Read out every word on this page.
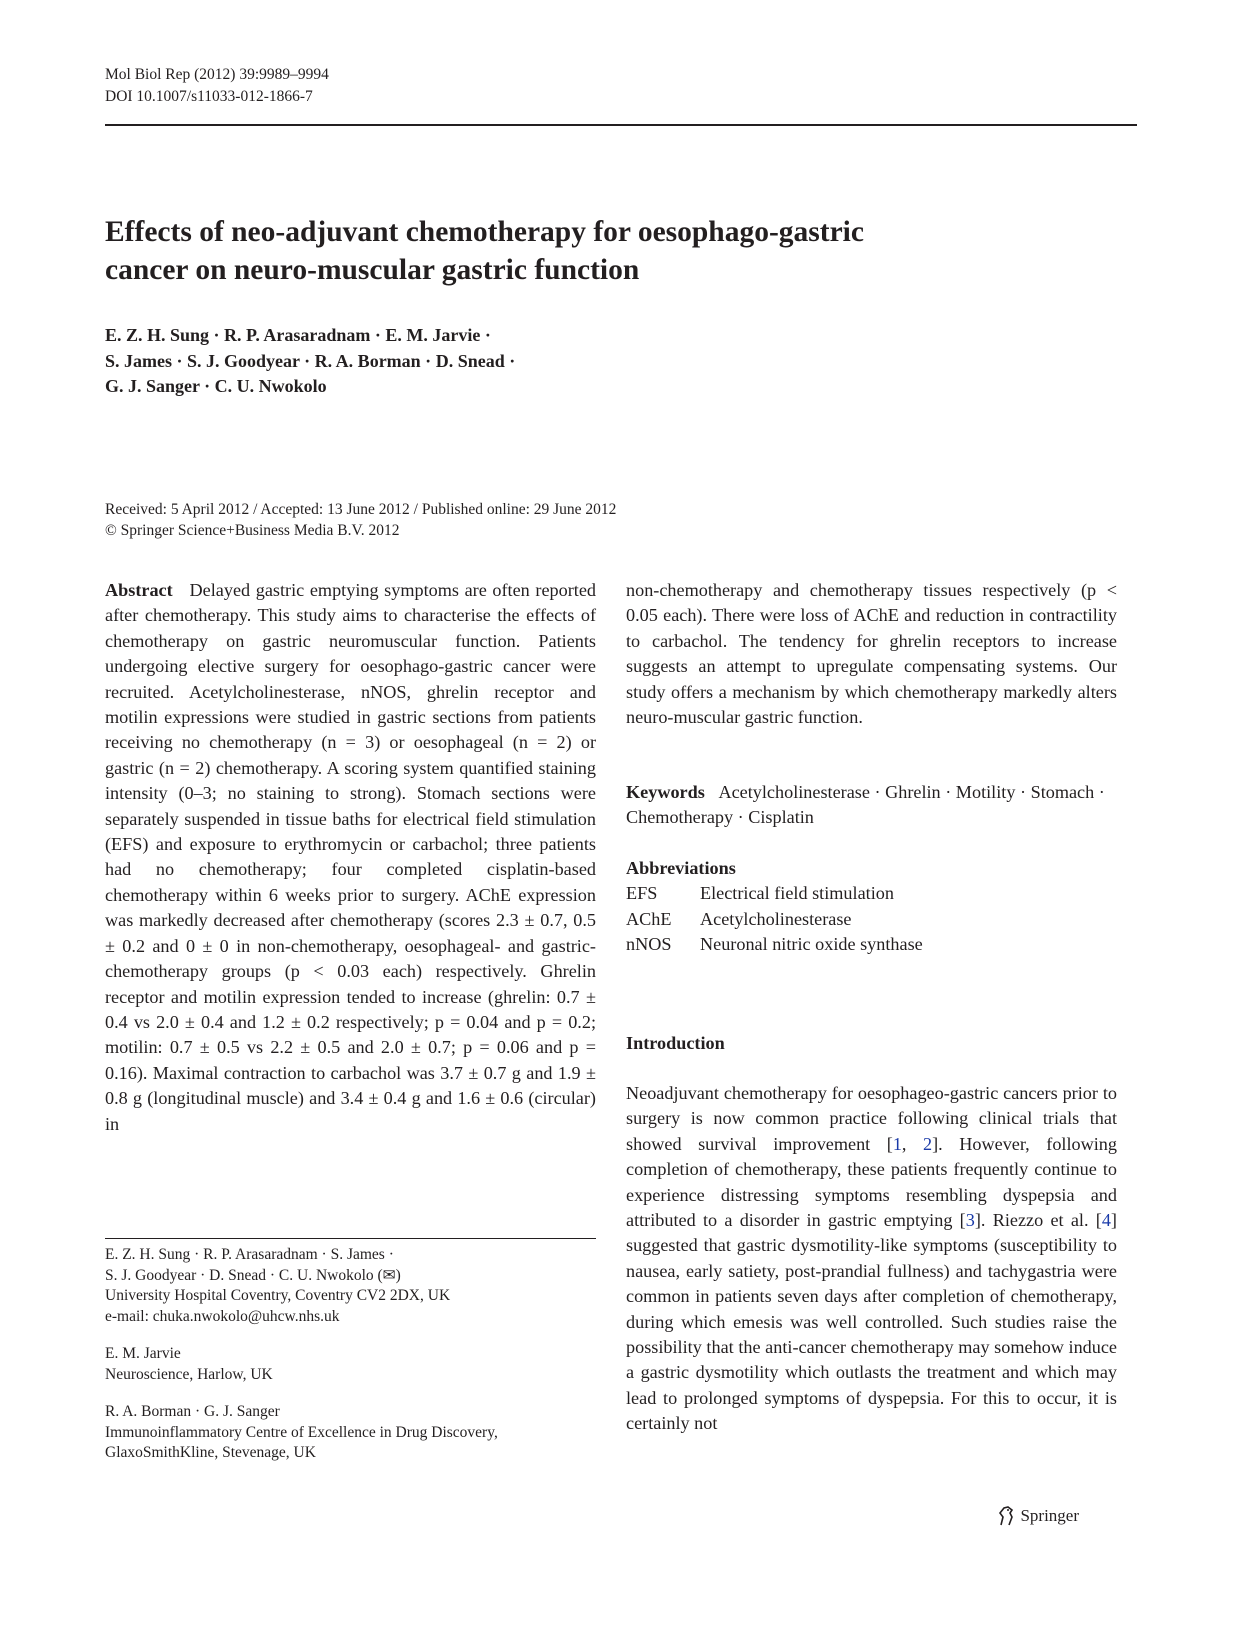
Mol Biol Rep (2012) 39:9989–9994
DOI 10.1007/s11033-012-1866-7
Effects of neo-adjuvant chemotherapy for oesophago-gastric
cancer on neuro-muscular gastric function
E. Z. H. Sung · R. P. Arasaradnam · E. M. Jarvie ·
S. James · S. J. Goodyear · R. A. Borman · D. Snead ·
G. J. Sanger · C. U. Nwokolo
Received: 5 April 2012 / Accepted: 13 June 2012 / Published online: 29 June 2012
© Springer Science+Business Media B.V. 2012

Abstract Delayed gastric emptying symptoms are often reported after chemotherapy. This study aims to characterise the effects of chemotherapy on gastric neuromuscular function. Patients undergoing elective surgery for oesophago-gastric cancer were recruited. Acetylcholinesterase, nNOS, ghrelin receptor and motilin expressions were studied in gastric sections from patients receiving no chemotherapy (n = 3) or oesophageal (n = 2) or gastric (n = 2) chemotherapy. A scoring system quantified staining intensity (0–3; no staining to strong). Stomach sections were separately suspended in tissue baths for electrical field stimulation (EFS) and exposure to erythromycin or carbachol; three patients had no chemotherapy; four completed cisplatin-based chemotherapy within 6 weeks prior to surgery. AChE expression was markedly decreased after chemotherapy (scores 2.3 ± 0.7, 0.5 ± 0.2 and 0 ± 0 in non-chemotherapy, oesophageal- and gastric-chemotherapy groups (p < 0.03 each) respectively. Ghrelin receptor and motilin expression tended to increase (ghrelin: 0.7 ± 0.4 vs 2.0 ± 0.4 and 1.2 ± 0.2 respectively; p = 0.04 and p = 0.2; motilin: 0.7 ± 0.5 vs 2.2 ± 0.5 and 2.0 ± 0.7; p = 0.06 and p = 0.16). Maximal contraction to carbachol was 3.7 ± 0.7 g and 1.9 ± 0.8 g (longitudinal muscle) and 3.4 ± 0.4 g and 1.6 ± 0.6 (circular) in

E. Z. H. Sung · R. P. Arasaradnam · S. James ·
S. J. Goodyear · D. Snead · C. U. Nwokolo (✉)
University Hospital Coventry, Coventry CV2 2DX, UK
e-mail: chuka.nwokolo@uhcw.nhs.uk
E. M. Jarvie
Neuroscience, Harlow, UK
R. A. Borman · G. J. Sanger
Immunoinflammatory Centre of Excellence in Drug Discovery,
GlaxoSmithKline, Stevenage, UK

non-chemotherapy and chemotherapy tissues respectively (p < 0.05 each). There were loss of AChE and reduction in contractility to carbachol. The tendency for ghrelin receptors to increase suggests an attempt to upregulate compensating systems. Our study offers a mechanism by which chemotherapy markedly alters neuro-muscular gastric function.

Keywords Acetylcholinesterase · Ghrelin · Motility · Stomach · Chemotherapy · Cisplatin
Abbreviations
EFS	Electrical field stimulation
AChE	Acetylcholinesterase
nNOS	Neuronal nitric oxide synthase
Introduction

Neoadjuvant chemotherapy for oesophageo-gastric cancers prior to surgery is now common practice following clinical trials that showed survival improvement [1, 2]. However, following completion of chemotherapy, these patients frequently continue to experience distressing symptoms resembling dyspepsia and attributed to a disorder in gastric emptying [3]. Riezzo et al. [4] suggested that gastric dysmotility-like symptoms (susceptibility to nausea, early satiety, post-prandial fullness) and tachygastria were common in patients seven days after completion of chemotherapy, during which emesis was well controlled. Such studies raise the possibility that the anti-cancer chemotherapy may somehow induce a gastric dysmotility which outlasts the treatment and which may lead to prolonged symptoms of dyspepsia. For this to occur, it is certainly not

Springer
